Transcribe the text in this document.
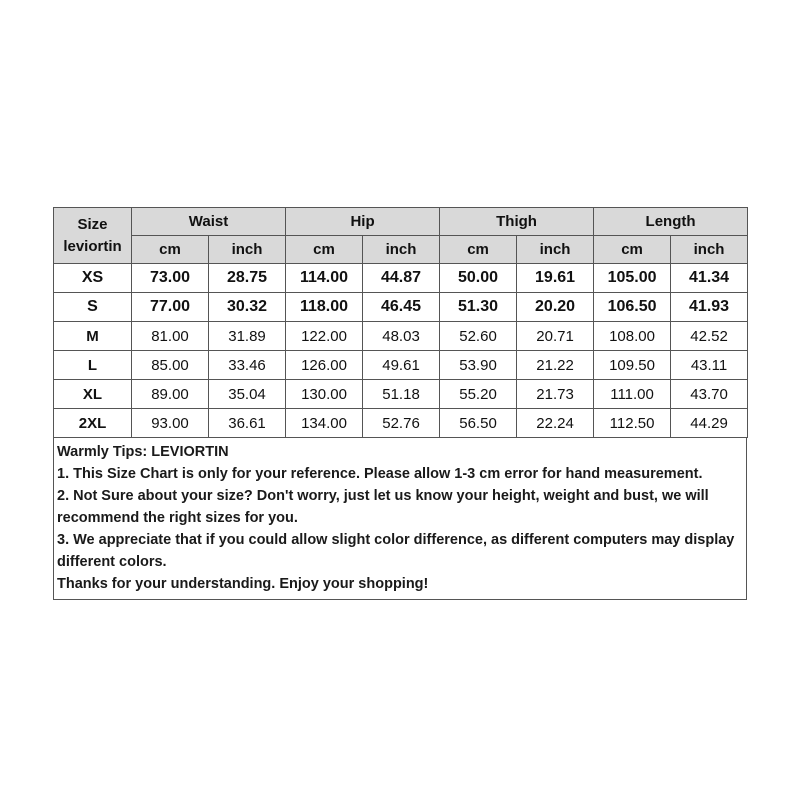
Size
leviortin	Waist		Hip		Thigh		Length	
	cm	inch	cm	inch	cm	inch	cm	inch
XS	73.00	28.75	114.00	44.87	50.00	19.61	105.00	41.34
S	77.00	30.32	118.00	46.45	51.30	20.20	106.50	41.93
M	81.00	31.89	122.00	48.03	52.60	20.71	108.00	42.52
L	85.00	33.46	126.00	49.61	53.90	21.22	109.50	43.11
XL	89.00	35.04	130.00	51.18	55.20	21.73	111.00	43.70
2XL	93.00	36.61	134.00	52.76	56.50	22.24	112.50	44.29
Warmly Tips: LEVIORTIN
1. This Size Chart is only for your reference. Please allow 1-3 cm error for hand measurement.
2. Not Sure about your size? Don't worry, just let us know your height, weight and bust, we will
recommend the right sizes for you.
3. We appreciate that if you could allow slight color difference, as different computers may display
different colors.
Thanks for your understanding. Enjoy your shopping!
